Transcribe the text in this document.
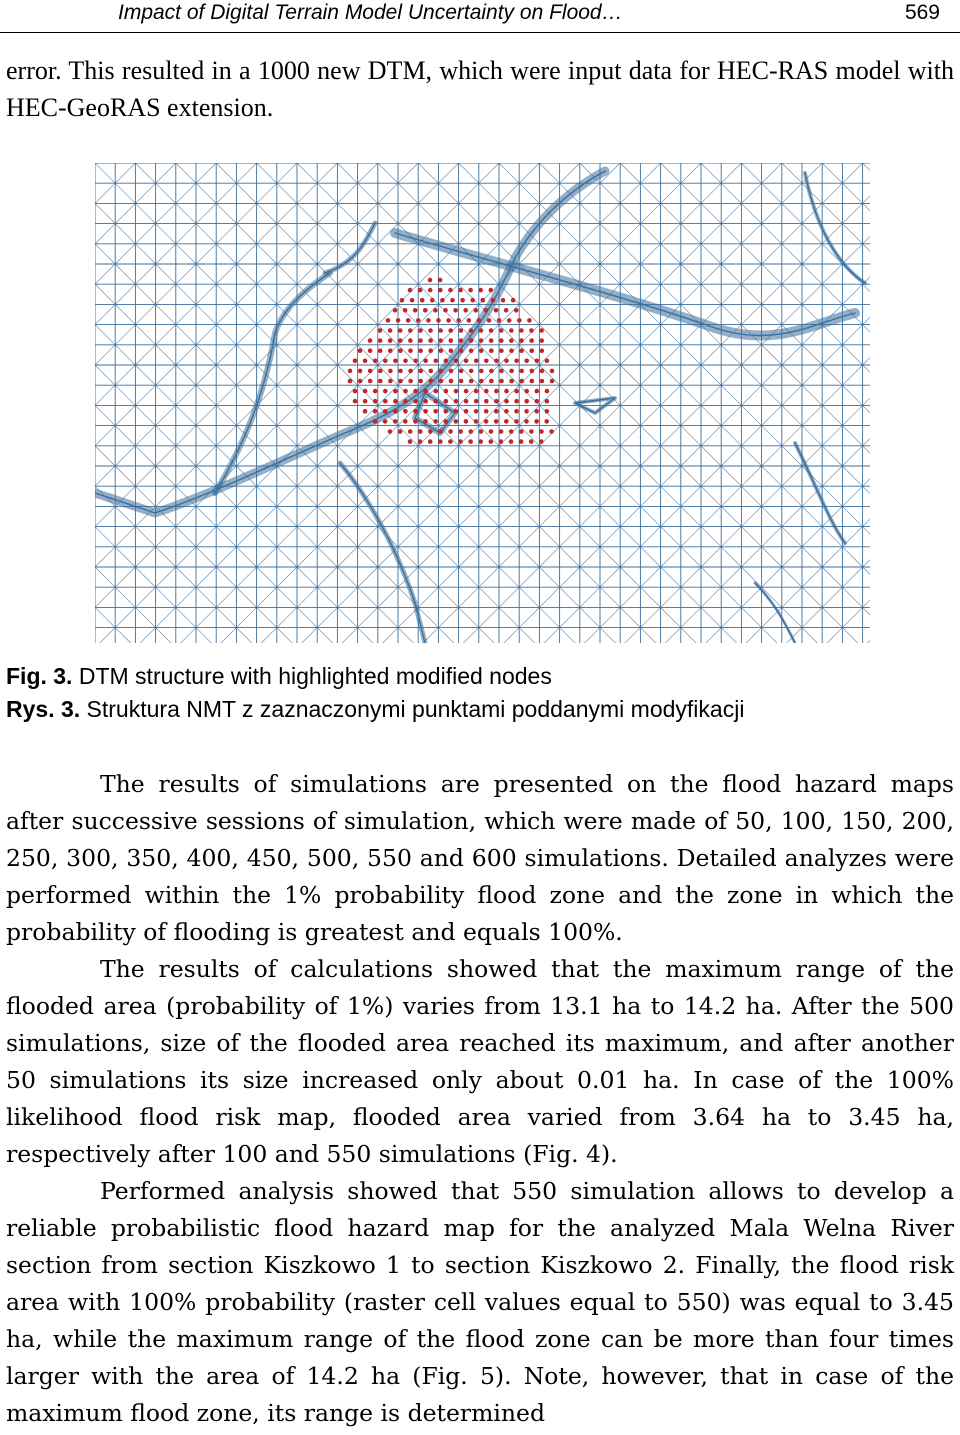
Impact of Digital Terrain Model Uncertainty on Flood…	569
error. This resulted in a 1000 new DTM, which were input data for HEC-RAS model with HEC-GeoRAS extension.
Fig. 3. DTM structure with highlighted modified nodes
Rys. 3. Struktura NMT z zaznaczonymi punktami poddanymi modyfikacji

The results of simulations are presented on the flood hazard maps after successive sessions of simulation, which were made of 50, 100, 150, 200, 250, 300, 350, 400, 450, 500, 550 and 600 simulations. Detailed analyzes were performed within the 1% probability flood zone and the zone in which the probability of flooding is greatest and equals 100%.

The results of calculations showed that the maximum range of the flooded area (probability of 1%) varies from 13.1 ha to 14.2 ha. After the 500 simulations, size of the flooded area reached its maximum, and after another 50 simulations its size increased only about 0.01 ha. In case of the 100% likelihood flood risk map, flooded area varied from 3.64 ha to 3.45 ha, respectively after 100 and 550 simulations (Fig. 4).

Performed analysis showed that 550 simulation allows to develop a reliable probabilistic flood hazard map for the analyzed Mala Welna River section from section Kiszkowo 1 to section Kiszkowo 2. Finally, the flood risk area with 100% probability (raster cell values equal to 550) was equal to 3.45 ha, while the maximum range of the flood zone can be more than four times larger with the area of 14.2 ha (Fig. 5). Note, however, that in case of the maximum flood zone, its range is determined
